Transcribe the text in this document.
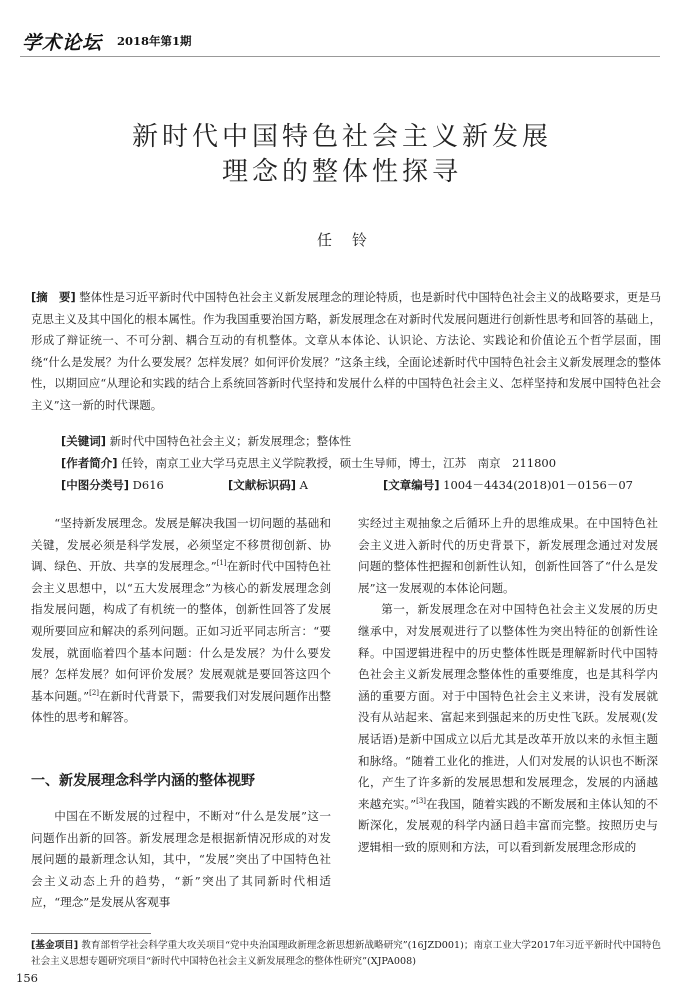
学术论坛 2018年第1期
新时代中国特色社会主义新发展
理念的整体性探寻
任铃
[摘　要] 整体性是习近平新时代中国特色社会主义新发展理念的理论特质，也是新时代中国特色社会主义的战略要求，更是马克思主义及其中国化的根本属性。作为我国重要治国方略，新发展理念在对新时代发展问题进行创新性思考和回答的基础上，形成了辩证统一、不可分割、耦合互动的有机整体。文章从本体论、认识论、方法论、实践论和价值论五个哲学层面，围绕“什么是发展？为什么要发展？怎样发展？如何评价发展？”这条主线，全面论述新时代中国特色社会主义新发展理念的整体性，以期回应“从理论和实践的结合上系统回答新时代坚持和发展什么样的中国特色社会主义、怎样坚持和发展中国特色社会主义”这一新的时代课题。
[关键词] 新时代中国特色社会主义；新发展理念；整体性
[作者简介] 任铃，南京工业大学马克思主义学院教授，硕士生导师，博士，江苏　南京　211800
[中图分类号] D616	[文献标识码] A	[文章编号] 1004－4434(2018)01－0156－07

“坚持新发展理念。发展是解决我国一切问题的基础和关键，发展必须是科学发展，必须坚定不移贯彻创新、协调、绿色、开放、共享的发展理念。”[1]在新时代中国特色社会主义思想中，以“五大发展理念”为核心的新发展理念剑指发展问题，构成了有机统一的整体，创新性回答了发展观所要回应和解决的系列问题。正如习近平同志所言：“要发展，就面临着四个基本问题：什么是发展？为什么要发展？怎样发展？如何评价发展？发展观就是要回答这四个基本问题。”[2]在新时代背景下，需要我们对发展问题作出整体性的思考和解答。

一、新发展理念科学内涵的整体视野

中国在不断发展的过程中，不断对“什么是发展”这一问题作出新的回答。新发展理念是根据新情况形成的对发展问题的最新理念认知，其中，“发展”突出了中国特色社会主义动态上升的趋势，“新”突出了其同新时代相适应，“理念”是发展从客观事

实经过主观抽象之后循环上升的思维成果。在中国特色社会主义进入新时代的历史背景下，新发展理念通过对发展问题的整体性把握和创新性认知，创新性回答了“什么是发展”这一发展观的本体论问题。

第一，新发展理念在对中国特色社会主义发展的历史继承中，对发展观进行了以整体性为突出特征的创新性诠释。中国逻辑进程中的历史整体性既是理解新时代中国特色社会主义新发展理念整体性的重要维度，也是其科学内涵的重要方面。对于中国特色社会主义来讲，没有发展就没有从站起来、富起来到强起来的历史性飞跃。发展观(发展话语)是新中国成立以后尤其是改革开放以来的永恒主题和脉络。“随着工业化的推进，人们对发展的认识也不断深化，产生了许多新的发展思想和发展理念，发展的内涵越来越充实。”[3]在我国，随着实践的不断发展和主体认知的不断深化，发展观的科学内涵日趋丰富而完整。按照历史与逻辑相一致的原则和方法，可以看到新发展理念形成的

[基金项目] 教育部哲学社会科学重大攻关项目“党中央治国理政新理念新思想新战略研究”(16JZD001)；南京工业大学2017年习近平新时代中国特色社会主义思想专题研究项目“新时代中国特色社会主义新发展理念的整体性研究”(XJPA008)
156
